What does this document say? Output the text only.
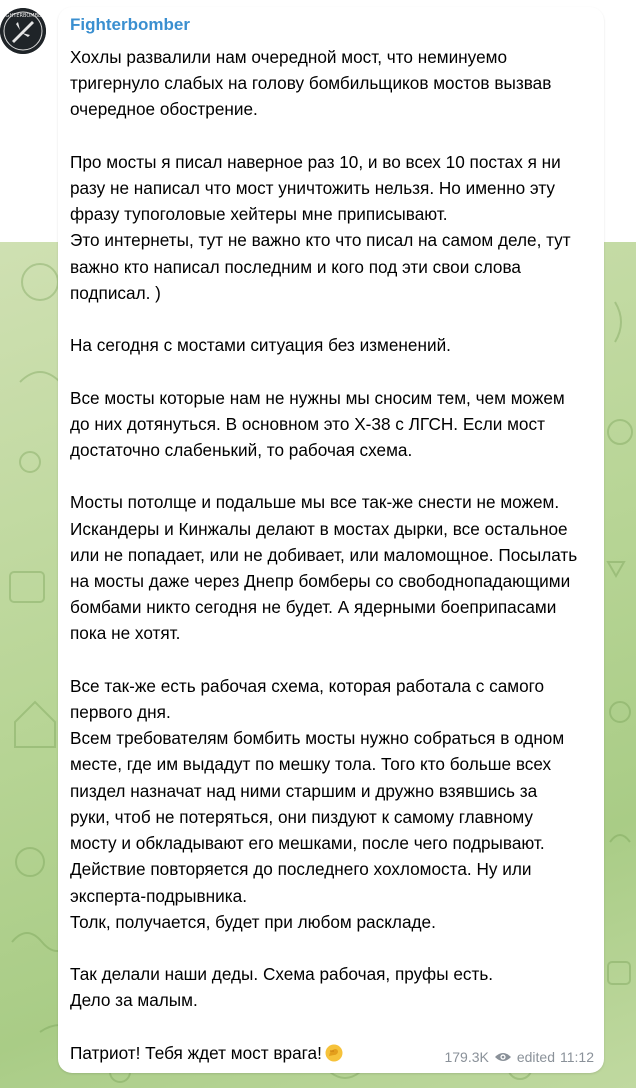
FIGHTERBOMBER Fighterbomber
Хохлы развалили нам очередной мост, что неминуемо
тригернуло слабых на голову бомбильщиков мостов вызвав
очередное обострение.

Про мосты я писал наверное раз 10, и во всех 10 постах я ни
разу не написал что мост уничтожить нельзя. Но именно эту
фразу тупоголовые хейтеры мне приписывают.
Это интернеты, тут не важно кто что писал на самом деле, тут
важно кто написал последним и кого под эти свои слова
подписал. )

На сегодня с мостами ситуация без изменений.

Все мосты которые нам не нужны мы сносим тем, чем можем
до них дотянуться. В основном это Х-38 с ЛГСН. Если мост
достаточно слабенький, то рабочая схема.

Мосты потолще и подальше мы все так-же снести не можем.
Искандеры и Кинжалы делают в мостах дырки, все остальное
или не попадает, или не добивает, или маломощное. Посылать
на мосты даже через Днепр бомберы со свободнопадающими
бомбами никто сегодня не будет. А ядерными боеприпасами
пока не хотят.

Все так-же есть рабочая схема, которая работала с самого
первого дня.
Всем требователям бомбить мосты нужно собраться в одном
месте, где им выдадут по мешку тола. Того кто больше всех
пиздел назначат над ними старшим и дружно взявшись за
руки, чтоб не потеряться, они пиздуют к самому главному
мосту и обкладывают его мешками, после чего подрывают.
Действие повторяется до последнего хохломоста. Ну или
эксперта-подрывника.
Толк, получается, будет при любом раскладе.

Так делали наши деды. Схема рабочая, пруфы есть.
Дело за малым.

Патриот! Тебя ждет мост врага!	179.3K edited 11:12
